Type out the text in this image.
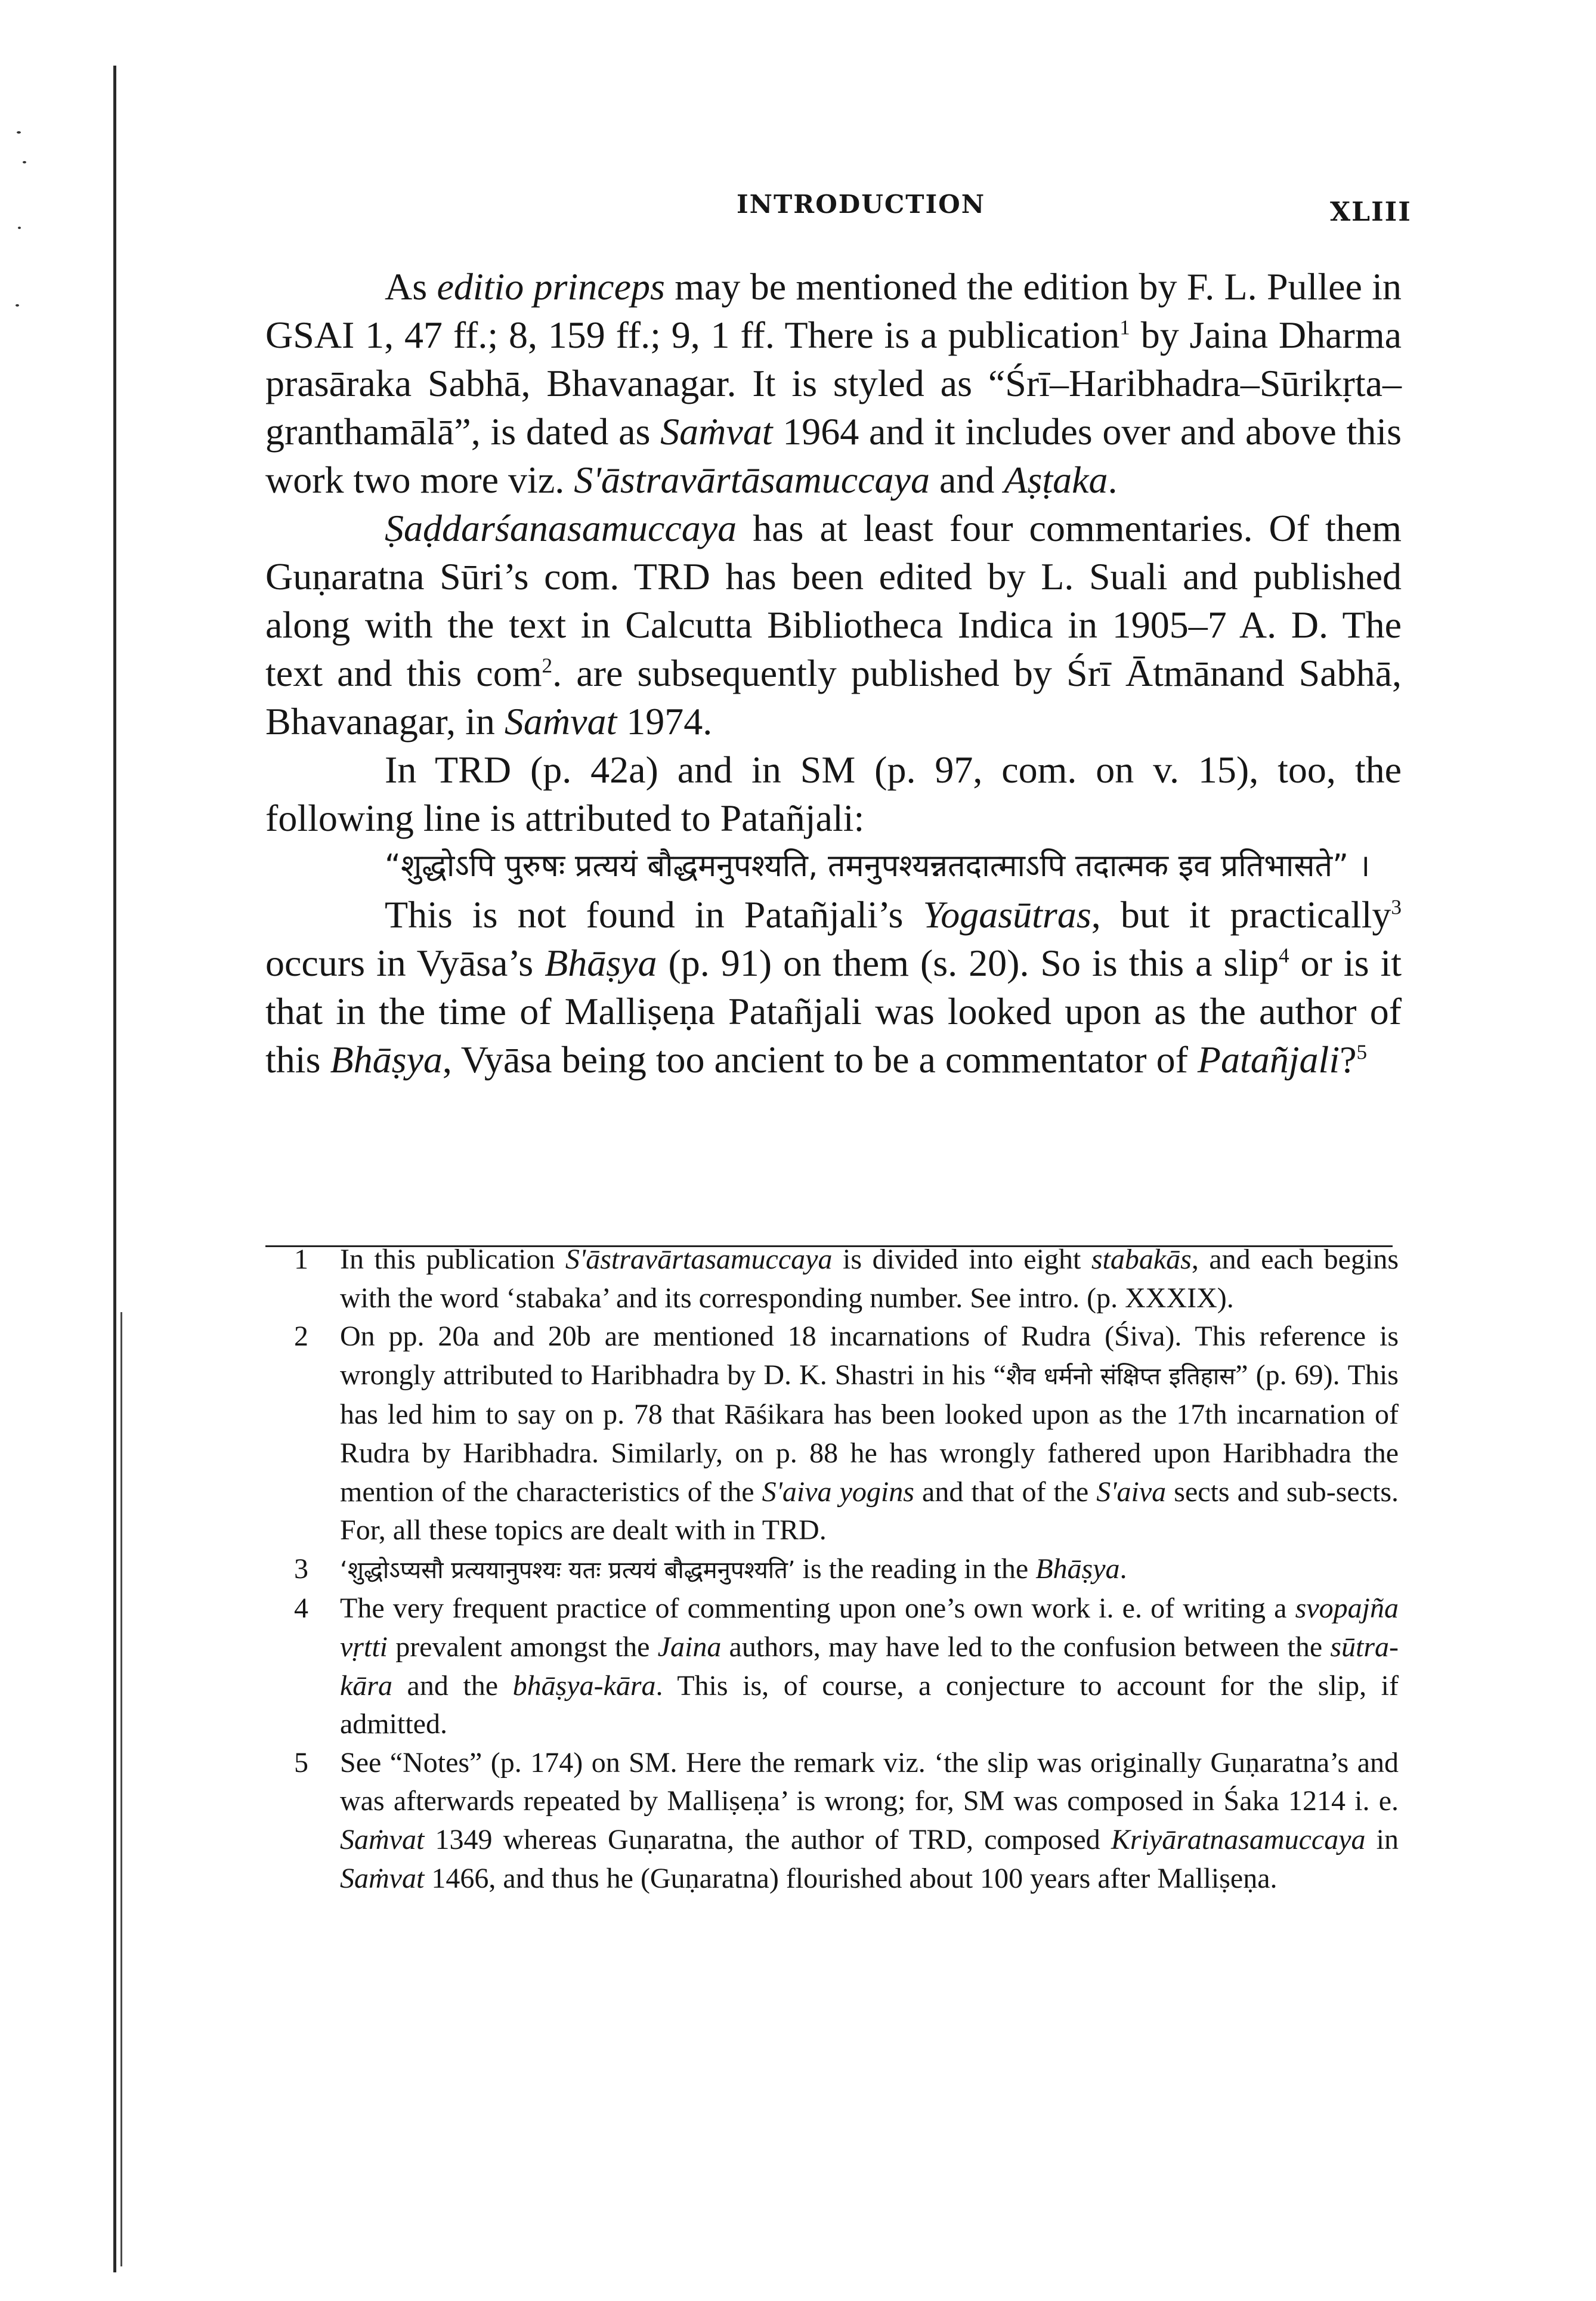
INTRODUCTION	XLIII

As editio princeps may be mentioned the edition by F. L. Pullee in GSAI 1, 47 ff.; 8, 159 ff.; 9, 1 ff. There is a publication$^1$ by Jaina Dharma prasāraka Sabhā, Bhavanagar. It is styled as “Śrī–Haribhadra–Sūrikṛta–granthamālā”, is dated as Saṁvat 1964 and it includes over and above this work two more viz. S'āstravārtāsamuccaya and Aṣṭaka.

Ṣaḍdarśanasamuccaya has at least four commentaries. Of them Guṇaratna Sūri’s com. TRD has been edited by L. Suali and published along with the text in Calcutta Bibliotheca Indica in 1905–7 A. D. The text and this com$^2$. are subsequently published by Śrī Ātmānand Sabhā, Bhavanagar, in Saṁvat 1974.

In TRD (p. 42a) and in SM (p. 97, com. on v. 15), too, the following line is attributed to Patañjali:

“शुद्धोऽपि पुरुषः प्रत्ययं बौद्धमनुपश्यति, तमनुपश्यन्नतदात्माऽपि तदात्मक इव प्रतिभासते” ।

This is not found in Patañjali’s Yogasūtras, but it practically$^3$ occurs in Vyāsa’s Bhāṣya (p. 91) on them (s. 20). So is this a slip$^4$ or is it that in the time of Malliṣeṇa Patañjali was looked upon as the author of this Bhāṣya, Vyāsa being too ancient to be a commentator of Patañjali?$^5$

1	In this publication S'āstravārtasamuccaya is divided into eight stabakās, and each begins with the word ‘stabaka’ and its corresponding number. See intro. (p. XXXIX).
2	On pp. 20a and 20b are mentioned 18 incarnations of Rudra (Śiva). This reference is wrongly attributed to Haribhadra by D. K. Shastri in his “शैव धर्मनो संक्षिप्त इतिहास” (p. 69). This has led him to say on p. 78 that Rāśikara has been looked upon as the 17th incarnation of Rudra by Haribhadra. Similarly, on p. 88 he has wrongly fathered upon Haribhadra the mention of the characteristics of the S'aiva yogins and that of the S'aiva sects and sub-sects. For, all these topics are dealt with in TRD.
3	‘शुद्धोऽप्यसौ प्रत्ययानुपश्यः यतः प्रत्ययं बौद्धमनुपश्यति’ is the reading in the Bhāṣya.
4	The very frequent practice of commenting upon one’s own work i. e. of writing a svopajña vṛtti prevalent amongst the Jaina authors, may have led to the confusion between the sūtra-kāra and the bhāṣya-kāra. This is, of course, a conjecture to account for the slip, if admitted.
5	See “Notes” (p. 174) on SM. Here the remark viz. ‘the slip was originally Guṇaratna’s and was afterwards repeated by Malliṣeṇa’ is wrong; for, SM was composed in Śaka 1214 i. e. Saṁvat 1349 whereas Guṇaratna, the author of TRD, composed Kriyāratnasamuccaya in Saṁvat 1466, and thus he (Guṇaratna) flourished about 100 years after Malliṣeṇa.
